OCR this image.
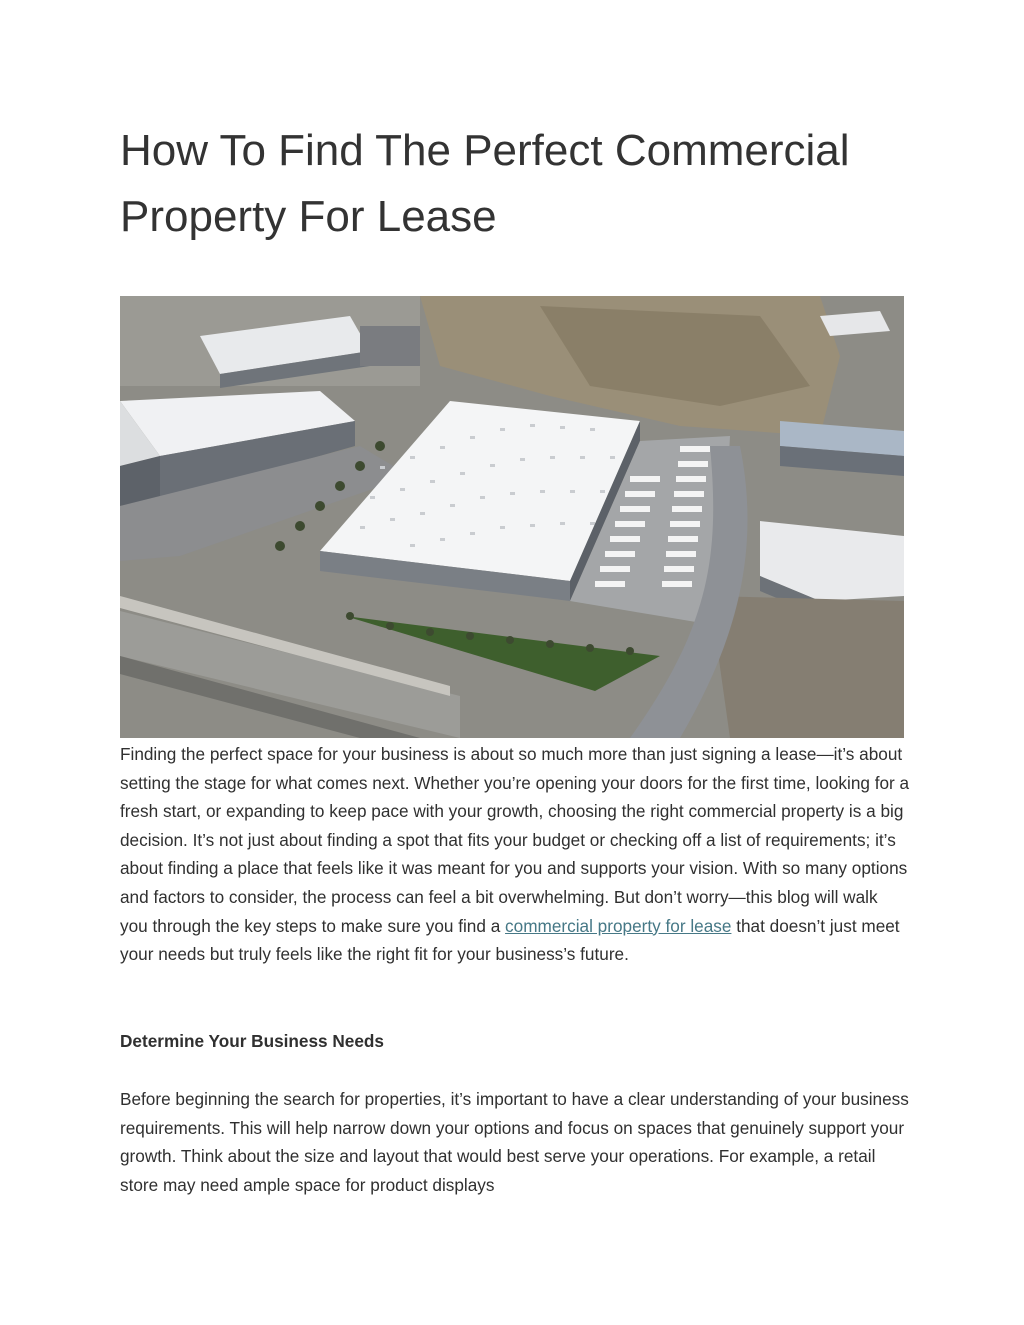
How To Find The Perfect Commercial Property For Lease

Finding the perfect space for your business is about so much more than just signing a lease—it’s about setting the stage for what comes next. Whether you’re opening your doors for the first time, looking for a fresh start, or expanding to keep pace with your growth, choosing the right commercial property is a big decision. It’s not just about finding a spot that fits your budget or checking off a list of requirements; it’s about finding a place that feels like it was meant for you and supports your vision. With so many options and factors to consider, the process can feel a bit overwhelming. But don’t worry—this blog will walk you through the key steps to make sure you find a commercial property for lease that doesn’t just meet your needs but truly feels like the right fit for your business’s future.

Determine Your Business Needs

Before beginning the search for properties, it’s important to have a clear understanding of your business requirements. This will help narrow down your options and focus on spaces that genuinely support your growth. Think about the size and layout that would best serve your operations. For example, a retail store may need ample space for product displays
